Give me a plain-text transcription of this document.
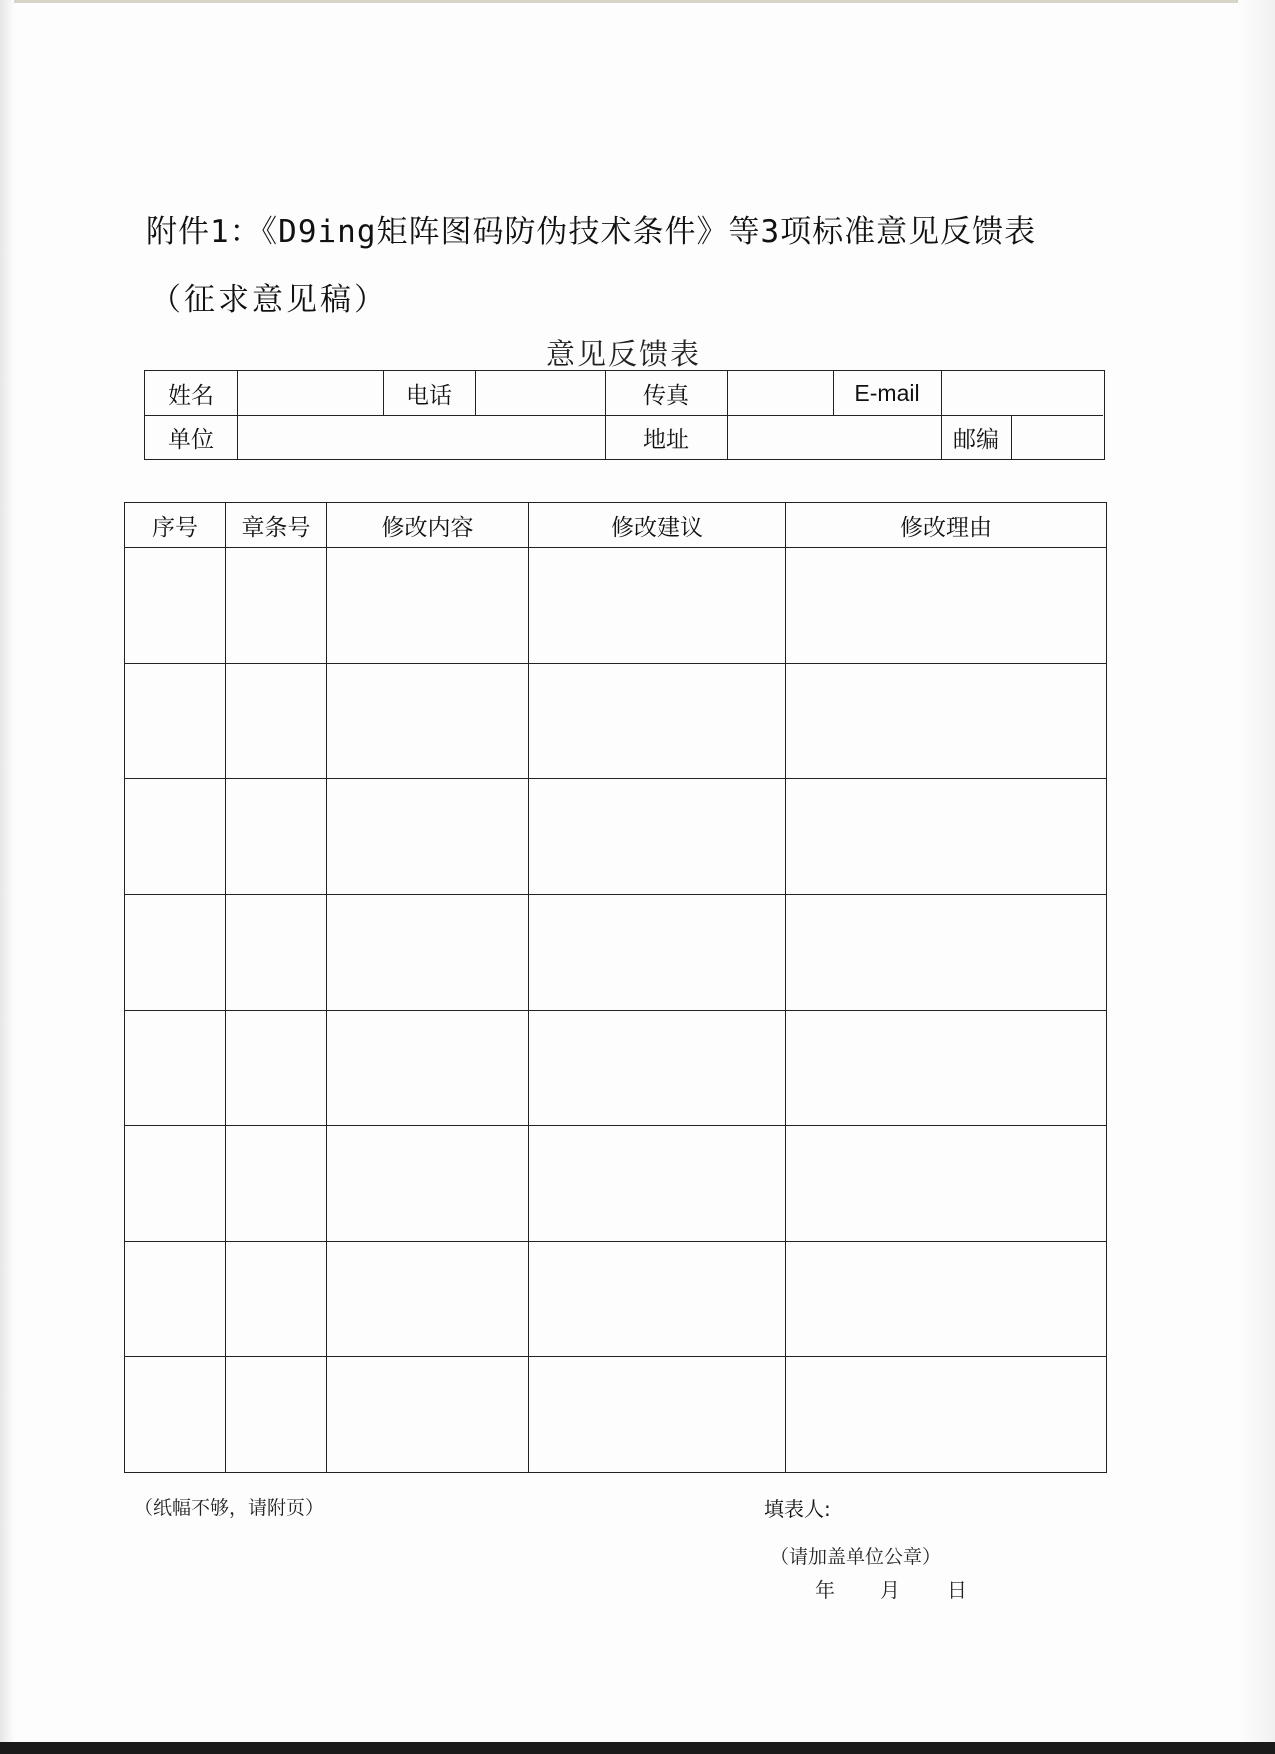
附件1：《D9ing矩阵图码防伪技术条件》等3项标准意见反馈表
（征求意见稿）
意见反馈表
姓名	电话	传真	E-mail
单位	地址	邮编
序号	章条号	修改内容	修改建议	修改理由

（纸幅不够，请附页）	填表人:
（请加盖单位公章）
年 月 日
